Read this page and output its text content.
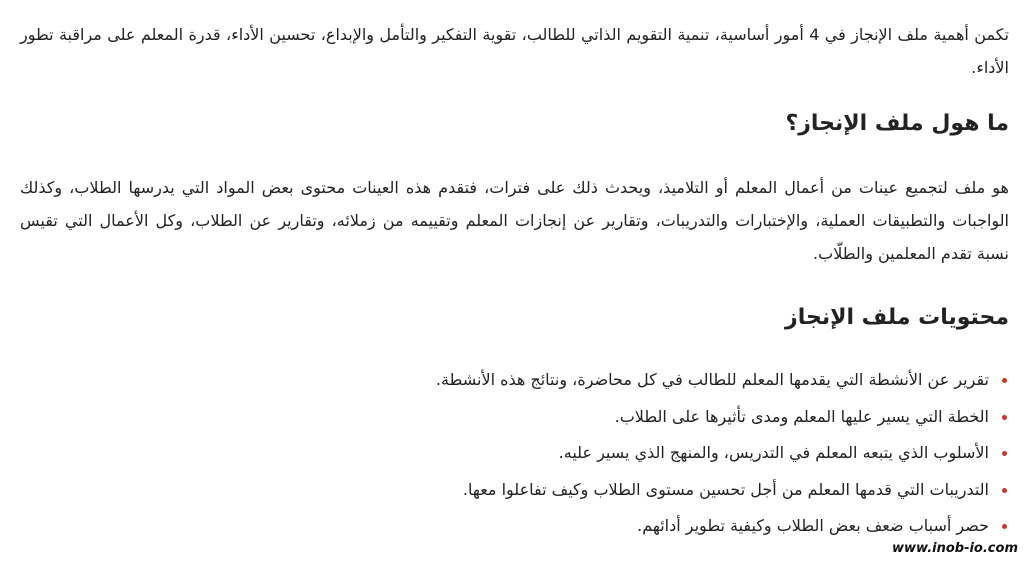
تكمن أهمية ملف الإنجاز في 4 أمور أساسية، تنمية التقويم الذاتي للطالب، تقوية التفكير والتأمل والإبداع، تحسين الأداء، قدرة المعلم على مراقبة تطور الأداء.

ما هول ملف الإنجاز؟

هو ملف لتجميع عينات من أعمال المعلم أو التلاميذ، ويحدث ذلك على فترات، فتقدم هذه العينات محتوى بعض المواد التي يدرسها الطلاب، وكذلك الواجبات والتطبيقات العملية، والإختبارات والتدريبات، وتقارير عن إنجازات المعلم وتقييمه من زملائه، وتقارير عن الطلاب، وكل الأعمال التي تقيس نسبة تقدم المعلمين والطلّاب.

محتويات ملف الإنجاز
تقرير عن الأنشطة التي يقدمها المعلم للطالب في كل محاضرة، ونتائج هذه الأنشطة.
الخطة التي يسير عليها المعلم ومدى تأثيرها على الطلاب.
الأسلوب الذي يتبعه المعلم في التدريس، والمنهج الذي يسير عليه.
التدريبات التي قدمها المعلم من أجل تحسين مستوى الطلاب وكيف تفاعلوا معها.
حصر أسباب ضعف بعض الطلاب وكيفية تطوير أدائهم.
www.inob-io.com
